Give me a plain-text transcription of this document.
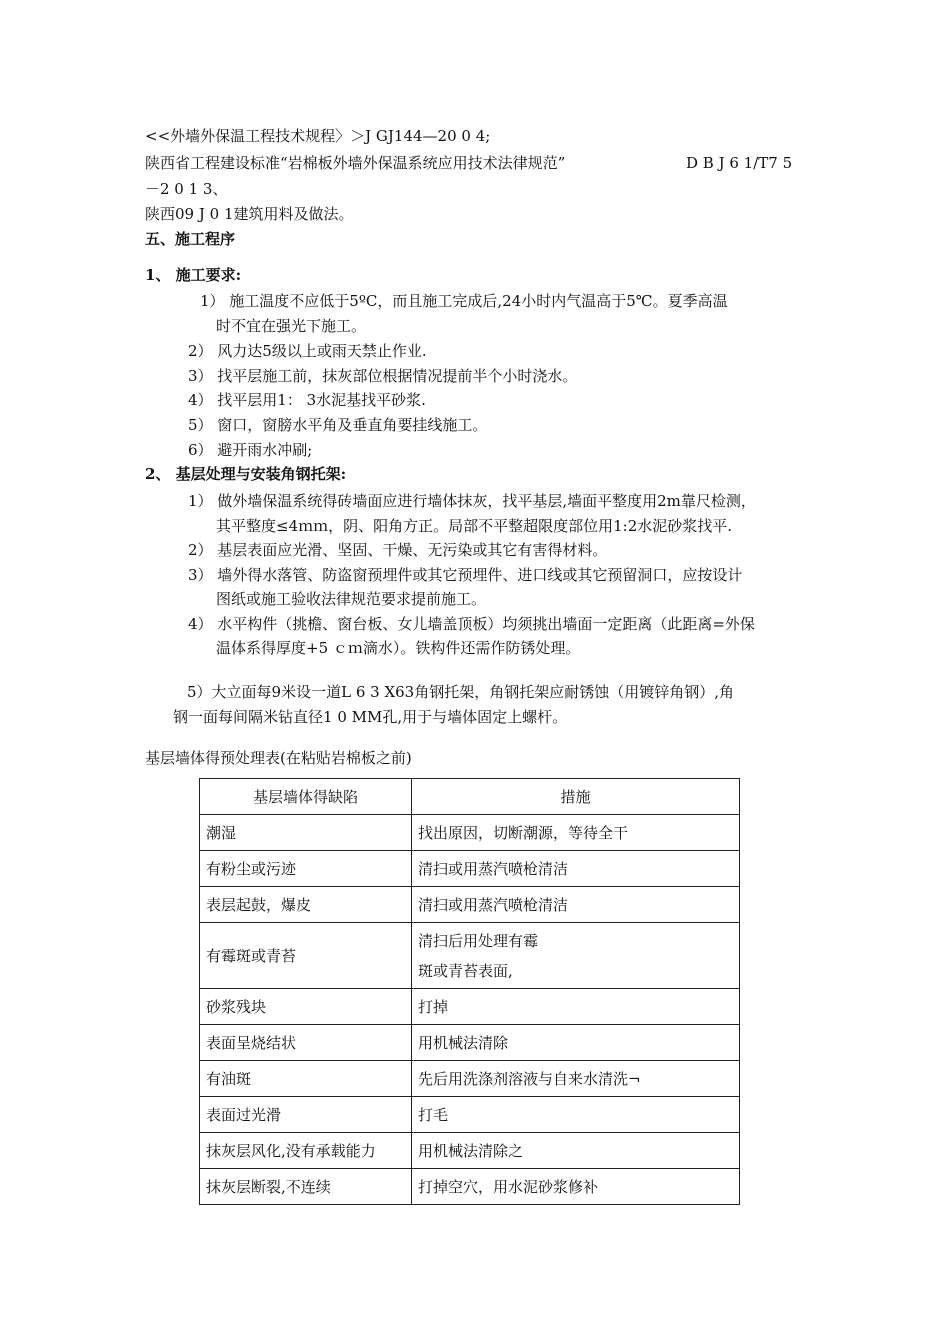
<<外墙外保温工程技术规程〉＞J GJ144—20 0 4;
陕西省工程建设标准“岩棉板外墙外保温系统应用技术法律规范”	D B J 6 1/T7 5
－2 0 1 3、
陕西09 J 0 1建筑用料及做法。
五、施工程序
1、 施工要求:
1） 施工温度不应低于5ºC，而且施工完成后,24小时内气温高于5℃。夏季高温
时不宜在强光下施工。
2） 风力达5级以上或雨天禁止作业.
3） 找平层施工前，抹灰部位根据情况提前半个小时浇水。
4） 找平层用1： 3水泥基找平砂浆.
5） 窗口，窗膀水平角及垂直角要挂线施工。
6） 避开雨水冲刷;
2、 基层处理与安装角钢托架:
1） 做外墙保温系统得砖墙面应进行墙体抹灰，找平基层,墙面平整度用2m靠尺检测，
其平整度≤4ｍｍ，阴、阳角方正。局部不平整超限度部位用1:2水泥砂浆找平.
2） 基层表面应光滑、坚固、干燥、无污染或其它有害得材料。
3） 墙外得水落管、防盗窗预埋件或其它预埋件、进口线或其它预留洞口，应按设计
图纸或施工验收法律规范要求提前施工。
4） 水平构件（挑檐、窗台板、女儿墙盖顶板）均须挑出墙面一定距离（此距离=外保
温体系得厚度+5 ｃｍ滴水）。铁构件还需作防锈处理。
5）大立面每9米设一道L 6 3 X63角钢托架，角钢托架应耐锈蚀（用镀锌角钢）,角
钢一面每间隔米钻直径1 0 MM孔,用于与墙体固定上螺杆。
基层墙体得预处理表(在粘贴岩棉板之前)
基层墙体得缺陷	措施
潮湿	找出原因，切断潮源，等待全干
有粉尘或污迹	清扫或用蒸汽喷枪清洁
表层起鼓，爆皮	清扫或用蒸汽喷枪清洁
有霉斑或青苔	清扫后用处理有霉
斑或青苔表面,

砂浆残块	打掉
表面呈烧结状	用机械法清除
有油斑	先后用洗涤剂溶液与自来水清洗¬
表面过光滑	打毛
抹灰层风化,没有承载能力	用机械法清除之
抹灰层断裂,不连续	打掉空穴，用水泥砂浆修补
